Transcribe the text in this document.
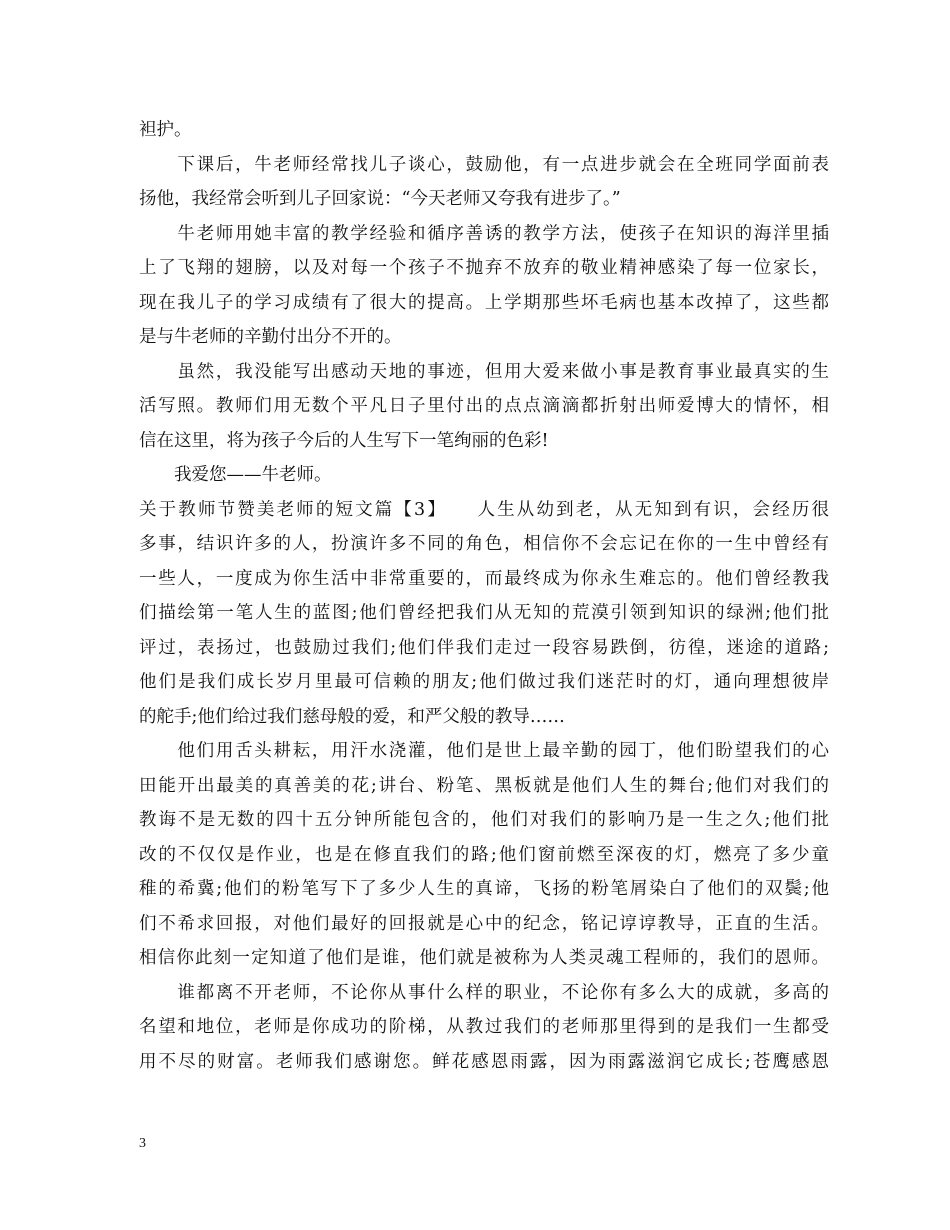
袒护。
　　下课后，牛老师经常找儿子谈心，鼓励他，有一点进步就会在全班同学面前表
扬他，我经常会听到儿子回家说：“今天老师又夸我有进步了。”
　　牛老师用她丰富的教学经验和循序善诱的教学方法，使孩子在知识的海洋里插
上了飞翔的翅膀，以及对每一个孩子不抛弃不放弃的敬业精神感染了每一位家长，
现在我儿子的学习成绩有了很大的提高。上学期那些坏毛病也基本改掉了，这些都
是与牛老师的辛勤付出分不开的。
　　虽然，我没能写出感动天地的事迹，但用大爱来做小事是教育事业最真实的生
活写照。教师们用无数个平凡日子里付出的点点滴滴都折射出师爱博大的情怀，相
信在这里，将为孩子今后的人生写下一笔绚丽的色彩!
　　我爱您——牛老师。
关于教师节赞美老师的短文篇【3】　　人生从幼到老，从无知到有识，会经历很
多事，结识许多的人，扮演许多不同的角色，相信你不会忘记在你的一生中曾经有
一些人，一度成为你生活中非常重要的，而最终成为你永生难忘的。他们曾经教我
们描绘第一笔人生的蓝图;他们曾经把我们从无知的荒漠引领到知识的绿洲;他们批
评过，表扬过，也鼓励过我们;他们伴我们走过一段容易跌倒，彷徨，迷途的道路;
他们是我们成长岁月里最可信赖的朋友;他们做过我们迷茫时的灯，通向理想彼岸
的舵手;他们给过我们慈母般的爱，和严父般的教导……
　　他们用舌头耕耘，用汗水浇灌，他们是世上最辛勤的园丁，他们盼望我们的心
田能开出最美的真善美的花;讲台、粉笔、黑板就是他们人生的舞台;他们对我们的
教诲不是无数的四十五分钟所能包含的，他们对我们的影响乃是一生之久;他们批
改的不仅仅是作业，也是在修直我们的路;他们窗前燃至深夜的灯，燃亮了多少童
稚的希冀;他们的粉笔写下了多少人生的真谛，飞扬的粉笔屑染白了他们的双鬓;他
们不希求回报，对他们最好的回报就是心中的纪念，铭记谆谆教导，正直的生活。
相信你此刻一定知道了他们是谁，他们就是被称为人类灵魂工程师的，我们的恩师。
　　谁都离不开老师，不论你从事什么样的职业，不论你有多么大的成就，多高的
名望和地位，老师是你成功的阶梯，从教过我们的老师那里得到的是我们一生都受
用不尽的财富。老师我们感谢您。鲜花感恩雨露，因为雨露滋润它成长;苍鹰感恩
3
